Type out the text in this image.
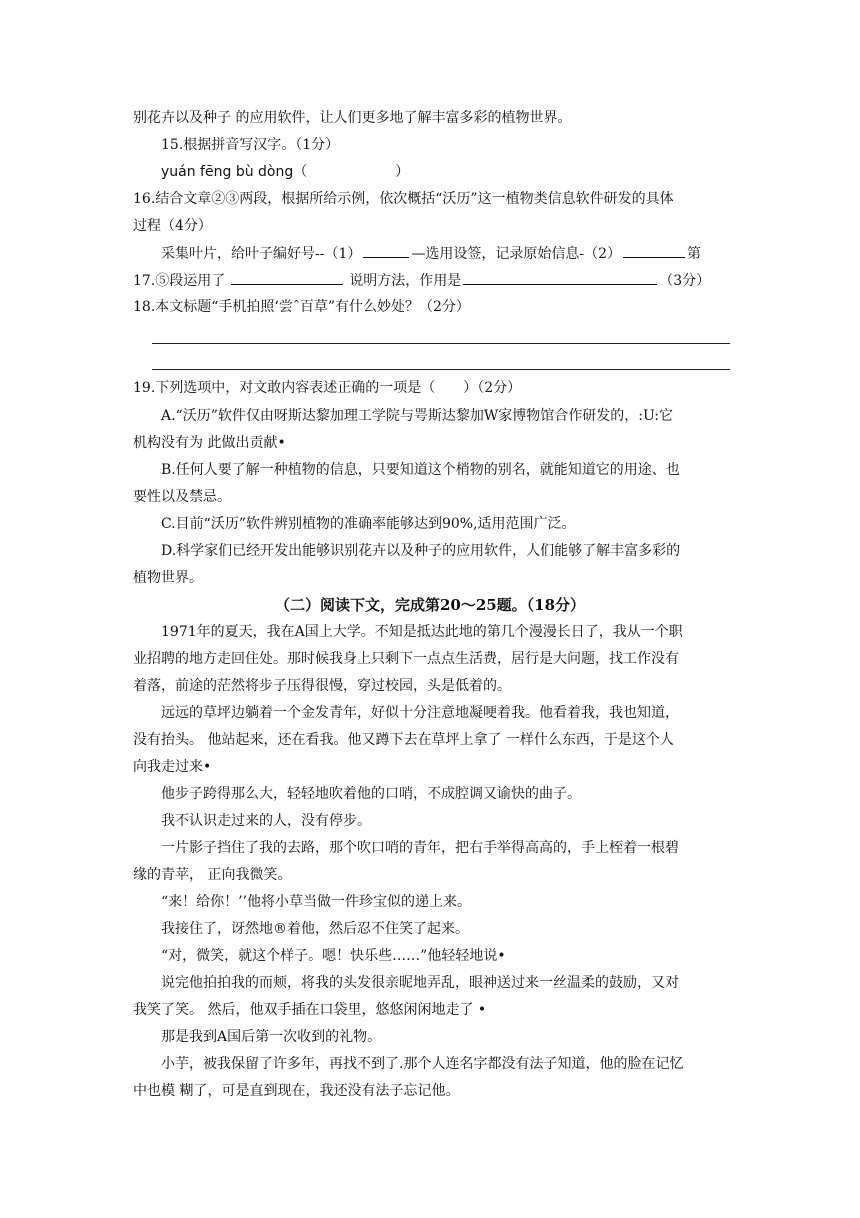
别花卉以及种子 的应用软件，让人们更多地了解丰富多彩的植物世界。
15.根据拼音写汉字。（1分）
yuán fēng bù dòng（	）
16.结合文章②③两段，根据所给示例，依次概括“沃历”这一植物类信息软件研发的具体
过程（4分）
采集叶片，给叶子编好号--（1）	—选用设签，记录原始信息-（2）	第
17.⑤段运用了	说明方法，作用是	（3分）
18.本文标题“手机拍照‘尝ˆ百草”有什么妙处？（2分）
19.下列选项中，对文敢内容表述正确的一项是（　　）（2分）
A.“沃历”软件仅由呀斯达黎加理工学院与咢斯达黎加W家博物馆合作研发的，:U:它
机构没有为 此做出贡献•
B.任何人要了解一种植物的信息，只要知道这个梢物的别名，就能知道它的用途、也
要性以及禁忌。
C.目前“沃历”软件辨别植物的准确率能够达到90%,适用范围广泛。
D.科学家们已经开发出能够识别花卉以及种子的应用软件，人们能够了解丰富多彩的
植物世界。
（二）阅读下文，完成第20～25题。（18分）
1971年的夏天，我在A国上大学。不知是抵达此地的第几个漫漫长日了，我从一个职
业招聘的地方走回住处。那时候我身上只剩下一点点生活费，居行是大问题，找工作没有
着落，前途的茫然将步子压得很慢，穿过校园，头是低着的。
远远的草坪边躺着一个金发青年，好似十分注意地凝哽着我。他看着我，我也知道，
没有抬头。 他站起来，还在看我。他又蹲下去在草坪上拿了 一样什么东西，于是这个人
向我走过来•
他步子跨得那么大，轻轻地吹着他的口哨，不成腔调又谕快的曲子。
我不认识走过来的人，没有停步。
一片影子挡住了我的去路，那个吹口哨的青年，把右手举得高高的，手上桎着一根碧
缘的青苹， 正向我微笑。
“来！给你！’’他将小草当做一件珍宝似的递上来。
我接住了，讶然地®着他，然后忍不住笑了起来。
“对，微笑，就这个样子。嗯！快乐些……”他轻轻地说•
说完他拍拍我的而颊，将我的头发很亲昵地弄乱，眼神送过来一丝温柔的鼓励，又对
我笑了笑。 然后，他双手插在口袋里，悠悠闲闲地走了 •
那是我到A国后第一次收到的礼物。
小芋，被我保留了许多年，再找不到了.那个人连名字都没有法子知道，他的脸在记忆
中也模 糊了，可是直到现在，我还没有法子忘记他。
